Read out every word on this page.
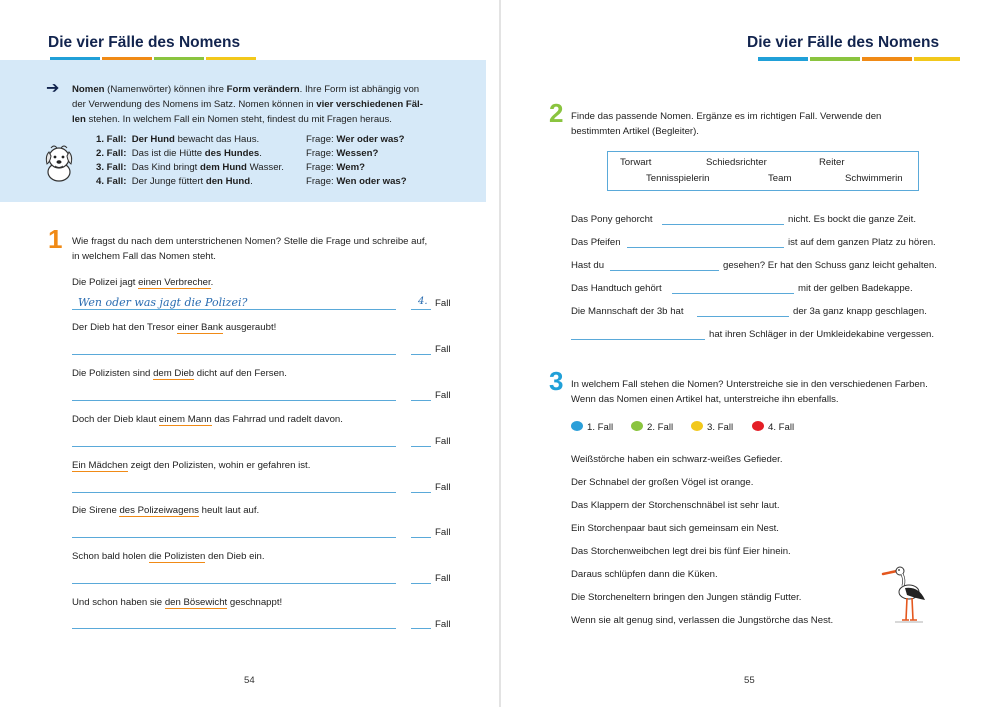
Die vier Fälle des Nomens
➔ Nomen (Namenwörter) können ihre Form verändern. Ihre Form ist abhängig von
der Verwendung des Nomens im Satz. Nomen können in vier verschiedenen Fäl-
len stehen. In welchem Fall ein Nomen steht, findest du mit Fragen heraus.
1. Fall: Der Hund bewacht das Haus.	Frage: Wer oder was?
2. Fall: Das ist die Hütte des Hundes.	Frage: Wessen?
3. Fall: Das Kind bringt dem Hund Wasser. Frage: Wem?
4. Fall: Der Junge füttert den Hund.	Frage: Wen oder was?
1 Wie fragst du nach dem unterstrichenen Nomen? Stelle die Frage und schreibe auf,
in welchem Fall das Nomen steht.
Die Polizei jagt einen Verbrecher.
Wen oder was jagt die Polizei?	4. Fall
Der Dieb hat den Tresor einer Bank ausgeraubt!
Fall
Die Polizisten sind dem Dieb dicht auf den Fersen.
Fall
Doch der Dieb klaut einem Mann das Fahrrad und radelt davon.
Fall
Ein Mädchen zeigt den Polizisten, wohin er gefahren ist.
Fall
Die Sirene des Polizeiwagens heult laut auf.
Fall
Schon bald holen die Polizisten den Dieb ein.
Fall
Und schon haben sie den Bösewicht geschnappt!
Fall
54
Die vier Fälle des Nomens
2 Finde das passende Nomen. Ergänze es im richtigen Fall. Verwende den
bestimmten Artikel (Begleiter).
Torwart	Schiedsrichter	Reiter
Tennisspielerin	Team	Schwimmerin
Das Pony gehorcht	nicht. Es bockt die ganze Zeit.
Das Pfeifen	ist auf dem ganzen Platz zu hören.
Hast du	gesehen? Er hat den Schuss ganz leicht gehalten.
Das Handtuch gehört	mit der gelben Badekappe.
Die Mannschaft der 3b hat	der 3a ganz knapp geschlagen.
hat ihren Schläger in der Umkleidekabine vergessen.
3 In welchem Fall stehen die Nomen? Unterstreiche sie in den verschiedenen Farben.
Wenn das Nomen einen Artikel hat, unterstreiche ihn ebenfalls.
1. Fall	2. Fall	3. Fall	4. Fall
Weißstörche haben ein schwarz-weißes Gefieder.
Der Schnabel der großen Vögel ist orange.
Das Klappern der Storchenschnäbel ist sehr laut.
Ein Storchenpaar baut sich gemeinsam ein Nest.
Das Storchenweibchen legt drei bis fünf Eier hinein.
Daraus schlüpfen dann die Küken.
Die Storcheneltern bringen den Jungen ständig Futter.
Wenn sie alt genug sind, verlassen die Jungstörche das Nest.
55
